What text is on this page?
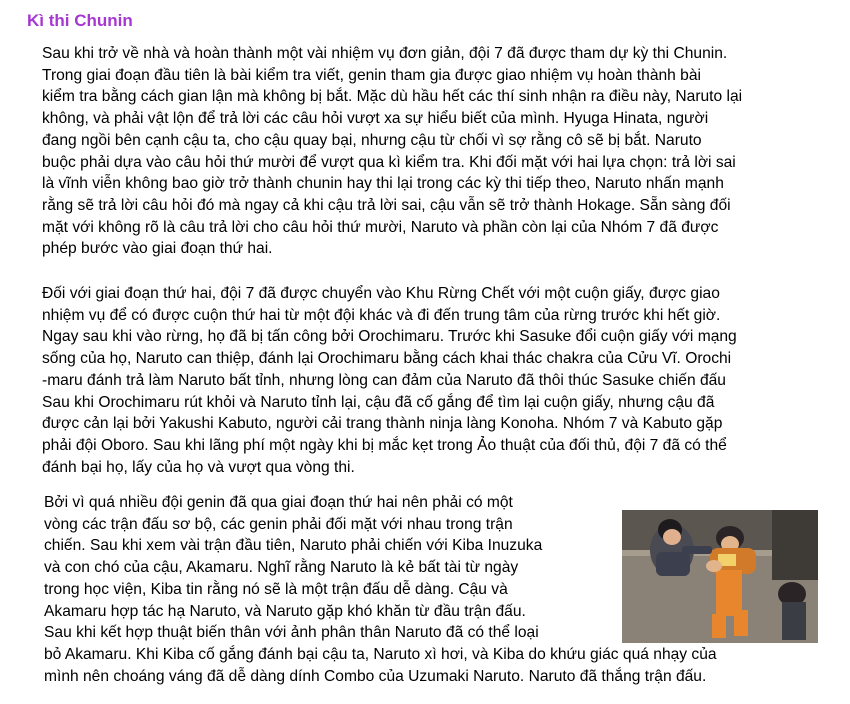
Kì thi Chunin
Sau khi trở về nhà và hoàn thành một vài nhiệm vụ đơn giản, đội 7 đã được tham dự kỳ thi Chunin.
Trong giai đoạn đầu tiên là bài kiểm tra viết, genin tham gia được giao nhiệm vụ hoàn thành bài
kiểm tra bằng cách gian lận mà không bị bắt. Mặc dù hầu hết các thí sinh nhận ra điều này, Naruto lại
không, và phải vật lộn để trả lời các câu hỏi vượt xa sự hiểu biết của mình. Hyuga Hinata, người
đang ngồi bên cạnh cậu ta, cho cậu quay bại, nhưng cậu từ chối vì sợ rằng cô sẽ bị bắt. Naruto
buộc phải dựa vào câu hỏi thứ mười để vượt qua kì kiểm tra. Khi đối mặt với hai lựa chọn: trả lời sai
là vĩnh viễn không bao giờ trở thành chunin hay thi lại trong các kỳ thi tiếp theo, Naruto nhấn mạnh
rằng sẽ trả lời câu hỏi đó mà ngay cả khi cậu trả lời sai, cậu vẫn sẽ trở thành Hokage. Sẵn sàng đối
mặt với không rõ là câu trả lời cho câu hỏi thứ mười, Naruto và phần còn lại của Nhóm 7 đã được
phép bước vào giai đoạn thứ hai.
Đối với giai đoạn thứ hai, đội 7 đã được chuyển vào Khu Rừng Chết với một cuộn giấy, được giao
nhiệm vụ để có được cuộn thứ hai từ một đội khác và đi đến trung tâm của rừng trước khi hết giờ.
Ngay sau khi vào rừng, họ đã bị tấn công bởi Orochimaru. Trước khi Sasuke đổi cuộn giấy với mạng
sống của họ, Naruto can thiệp, đánh lại Orochimaru bằng cách khai thác chakra của Cửu Vĩ. Orochi
-maru đánh trả làm Naruto bất tỉnh, nhưng lòng can đảm của Naruto đã thôi thúc Sasuke chiến đấu
Sau khi Orochimaru rút khỏi và Naruto tỉnh lại, cậu đã cố gắng để tìm lại cuộn giấy, nhưng cậu đã
được cản lại bởi Yakushi Kabuto, người cải trang thành ninja làng Konoha. Nhóm 7 và Kabuto gặp
phải đội Oboro. Sau khi lãng phí một ngày khi bị mắc kẹt trong Ảo thuật của đối thủ, đội 7 đã có thể
đánh bại họ, lấy của họ và vượt qua vòng thi.
Bởi vì quá nhiều đội genin đã qua giai đoạn thứ hai nên phải có một
vòng các trận đấu sơ bộ, các genin phải đối mặt với nhau trong trận
chiến. Sau khi xem vài trận đầu tiên, Naruto phải chiến với Kiba Inuzuka
và con chó của cậu, Akamaru. Nghĩ rằng Naruto là kẻ bất tài từ ngày
trong học viện, Kiba tin rằng nó sẽ là một trận đấu dễ dàng. Cậu và
Akamaru hợp tác hạ Naruto, và Naruto gặp khó khăn từ đầu trận đấu.
Sau khi kết hợp thuật biến thân với ảnh phân thân Naruto đã có thể loại
bỏ Akamaru. Khi Kiba cố gắng đánh bại cậu ta, Naruto xì hơi, và Kiba do khứu giác quá nhạy của
mình nên choáng váng đã dễ dàng dính Combo của Uzumaki Naruto. Naruto đã thắng trận đấu.
